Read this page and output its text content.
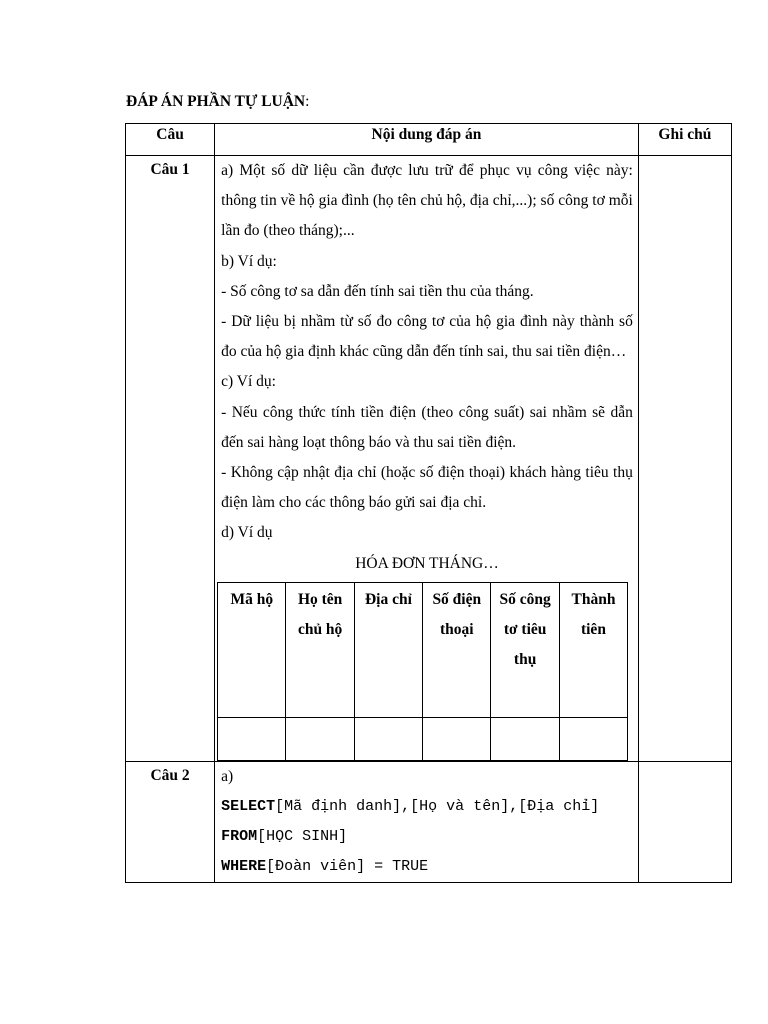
ĐÁP ÁN PHẦN TỰ LUẬN:
Câu	Nội dung đáp án	Ghi chú

Câu 1	a) Một số dữ liệu cần được lưu trữ để phục vụ công việc này: thông tin về hộ gia đình (họ tên chủ hộ, địa chỉ,...); số công tơ mỗi lần đo (theo tháng);...

b) Ví dụ:

- Số công tơ sa dẫn đến tính sai tiền thu của tháng.

- Dữ liệu bị nhầm từ số đo công tơ của hộ gia đình này thành số đo của hộ gia định khác cũng dẫn đến tính sai, thu sai tiền điện…

c) Ví dụ:

- Nếu công thức tính tiền điện (theo công suất) sai nhầm sẽ dẫn đến sai hàng loạt thông báo và thu sai tiền điện.

- Không cập nhật địa chỉ (hoặc số điện thoại) khách hàng tiêu thụ điện làm cho các thông báo gửi sai địa chỉ.

d) Ví dụ

HÓA ĐƠN THÁNG…

Mã hộ	Họ tên chủ hộ	Địa chỉ	Số điện thoại	Số công tơ tiêu thụ	Thành tiên

Câu 2	a)
SELECT[Mã định danh],[Họ và tên],[Địa chỉ]
FROM[HỌC SINH]
WHERE[Đoàn viên] = TRUE
